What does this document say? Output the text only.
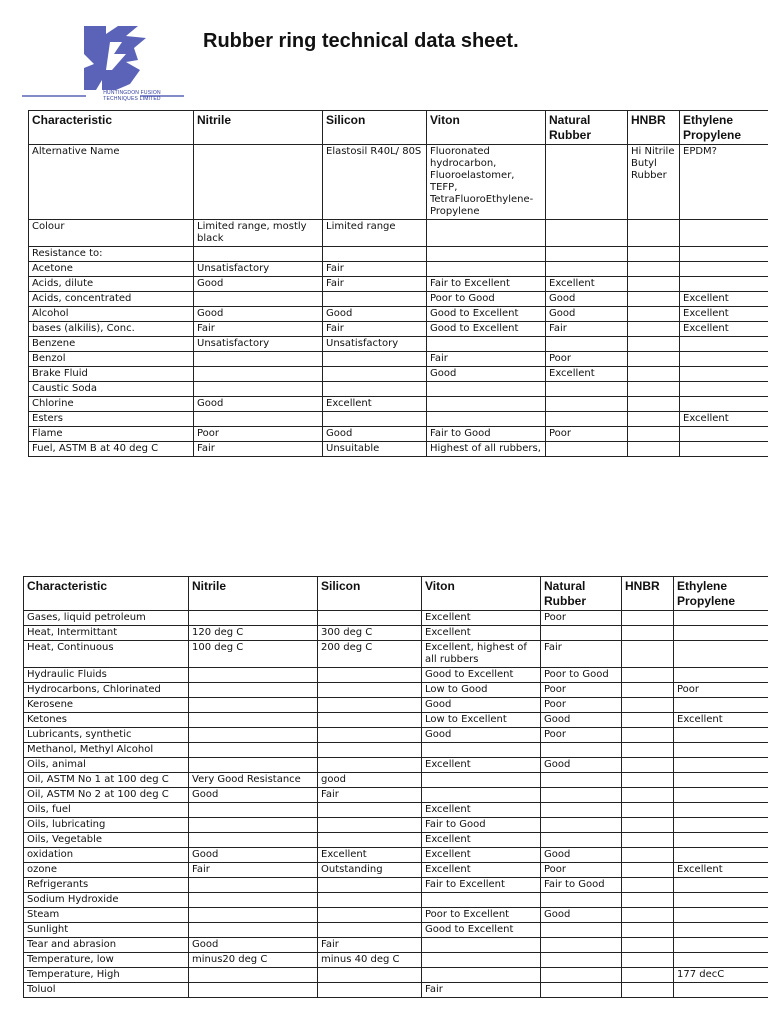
HUNTINGDON FUSION
TECHNIQUES LIMITED
Rubber ring technical data sheet.
Characteristic	Nitrile	Silicon	Viton	Natural Rubber	HNBR	Ethylene Propylene
Alternative Name		Elastosil R40L/ 80S	Fluoronated hydrocarbon, Fluoroelastomer, TEFP, TetraFluoroEthylene-Propylene		Hi Nitrile Butyl Rubber	EPDM?
Colour	Limited range, mostly black	Limited range				
Resistance to:						
Acetone	Unsatisfactory	Fair				
Acids, dilute	Good	Fair	Fair to Excellent	Excellent		
Acids, concentrated			Poor to Good	Good		Excellent
Alcohol	Good	Good	Good to Excellent	Good		Excellent
bases (alkilis), Conc.	Fair	Fair	Good to Excellent	Fair		Excellent
Benzene	Unsatisfactory	Unsatisfactory				
Benzol			Fair	Poor		
Brake Fluid			Good	Excellent		
Caustic Soda						
Chlorine	Good	Excellent				
Esters						Excellent
Flame	Poor	Good	Fair to Good	Poor		
Fuel, ASTM B at 40 deg C	Fair	Unsuitable	Highest of all rubbers,			
Characteristic	Nitrile	Silicon	Viton	Natural Rubber	HNBR	Ethylene Propylene
Gases, liquid petroleum			Excellent	Poor		
Heat, Intermittant	120 deg C	300 deg C	Excellent			
Heat, Continuous	100 deg C	200 deg C	Excellent, highest of all rubbers	Fair		
Hydraulic Fluids			Good to Excellent	Poor to Good		
Hydrocarbons, Chlorinated			Low to Good	Poor		Poor
Kerosene			Good	Poor		
Ketones			Low to Excellent	Good		Excellent
Lubricants, synthetic			Good	Poor		
Methanol, Methyl Alcohol						
Oils, animal			Excellent	Good		
Oil, ASTM No 1 at 100 deg C	Very Good Resistance	good				
Oil, ASTM No 2 at 100 deg C	Good	Fair				
Oils, fuel			Excellent			
Oils, lubricating			Fair to Good			
Oils, Vegetable			Excellent			
oxidation	Good	Excellent	Excellent	Good		
ozone	Fair	Outstanding	Excellent	Poor		Excellent
Refrigerants			Fair to Excellent	Fair to Good		
Sodium Hydroxide						
Steam			Poor to Excellent	Good		
Sunlight			Good to Excellent			
Tear and abrasion	Good	Fair				
Temperature, low	minus20 deg C	minus 40 deg C				
Temperature, High						177 decC
Toluol			Fair			
